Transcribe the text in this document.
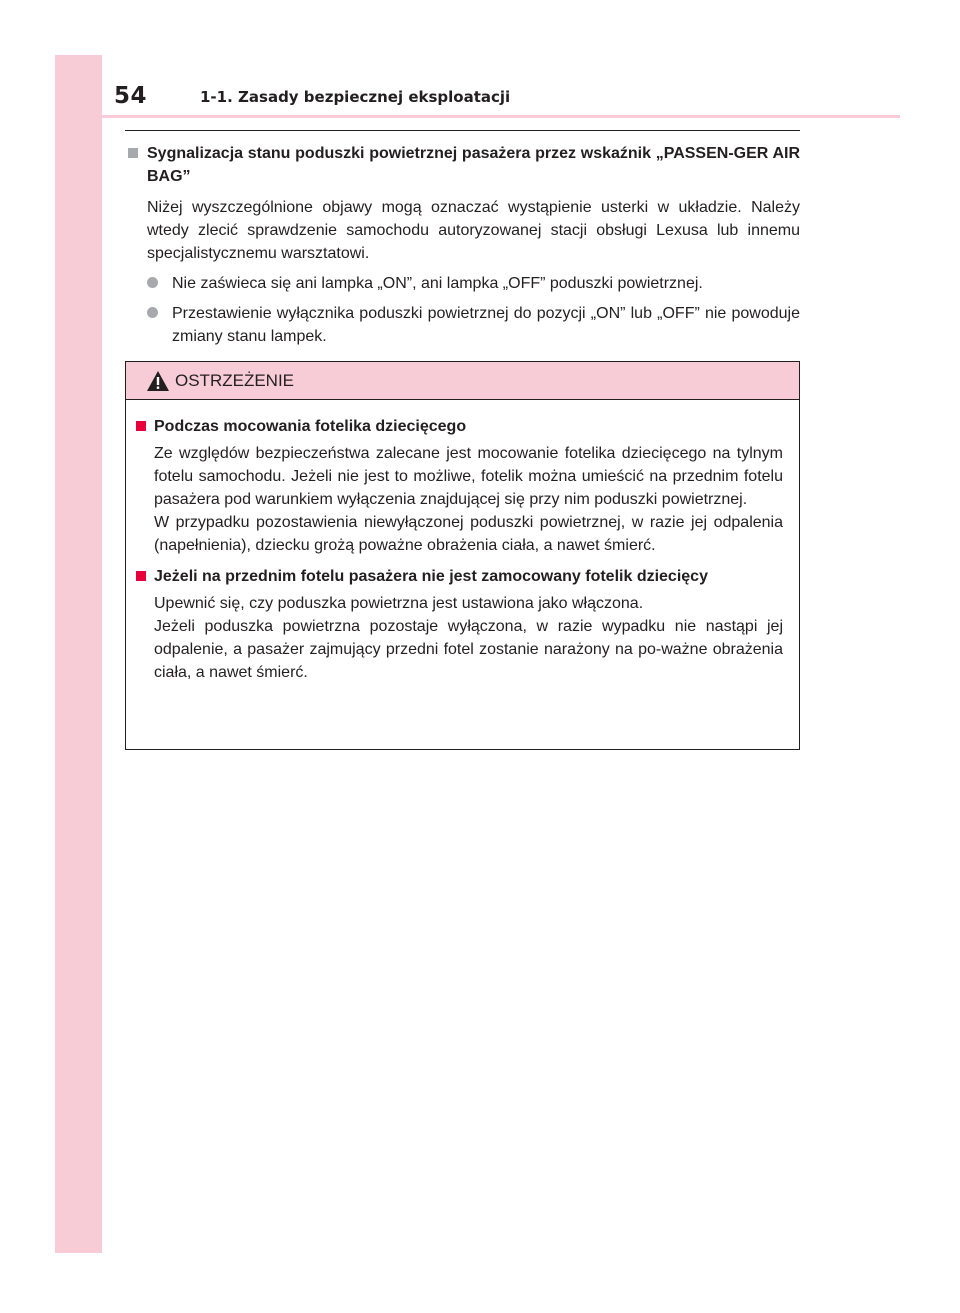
54	1-1. Zasady bezpiecznej eksploatacji
Sygnalizacja stanu poduszki powietrznej pasażera przez wskaźnik „PASSEN-GER AIR BAG”

Niżej wyszczególnione objawy mogą oznaczać wystąpienie usterki w układzie. Należy wtedy zlecić sprawdzenie samochodu autoryzowanej stacji obsługi Lexusa lub innemu specjalistycznemu warsztatowi.

Nie zaświeca się ani lampka „ON”, ani lampka „OFF” poduszki powietrznej.
Przestawienie wyłącznika poduszki powietrznej do pozycji „ON” lub „OFF” nie powoduje zmiany stanu lampek.
OSTRZEŻENIE
Podczas mocowania fotelika dziecięcego
Ze względów bezpieczeństwa zalecane jest mocowanie fotelika dziecięcego na tylnym fotelu samochodu. Jeżeli nie jest to możliwe, fotelik można umieścić na przednim fotelu pasażera pod warunkiem wyłączenia znajdującej się przy nim poduszki powietrznej.
W przypadku pozostawienia niewyłączonej poduszki powietrznej, w razie jej odpalenia (napełnienia), dziecku grożą poważne obrażenia ciała, a nawet śmierć.
Jeżeli na przednim fotelu pasażera nie jest zamocowany fotelik dziecięcy
Upewnić się, czy poduszka powietrzna jest ustawiona jako włączona.
Jeżeli poduszka powietrzna pozostaje wyłączona, w razie wypadku nie nastąpi jej odpalenie, a pasażer zajmujący przedni fotel zostanie narażony na po-ważne obrażenia ciała, a nawet śmierć.
